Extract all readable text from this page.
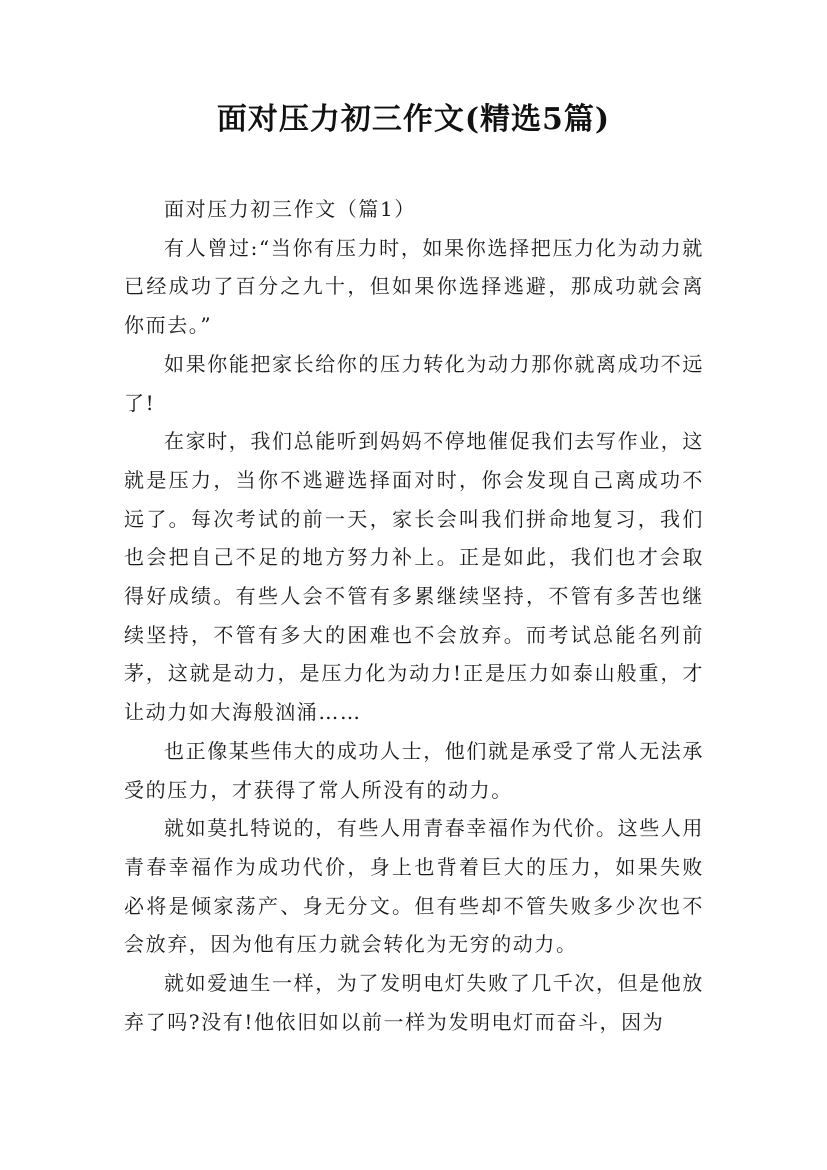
面对压力初三作文(精选5篇)

面对压力初三作文（篇1）

有人曾过:“当你有压力时，如果你选择把压力化为动力就已经成功了百分之九十，但如果你选择逃避，那成功就会离你而去。”

如果你能把家长给你的压力转化为动力那你就离成功不远了!

在家时，我们总能听到妈妈不停地催促我们去写作业，这就是压力，当你不逃避选择面对时，你会发现自己离成功不远了。每次考试的前一天，家长会叫我们拼命地复习，我们也会把自己不足的地方努力补上。正是如此，我们也才会取得好成绩。有些人会不管有多累继续坚持，不管有多苦也继续坚持，不管有多大的困难也不会放弃。而考试总能名列前茅，这就是动力，是压力化为动力!正是压力如泰山般重，才让动力如大海般汹涌……

也正像某些伟大的成功人士，他们就是承受了常人无法承受的压力，才获得了常人所没有的动力。

就如莫扎特说的，有些人用青春幸福作为代价。这些人用青春幸福作为成功代价，身上也背着巨大的压力，如果失败必将是倾家荡产、身无分文。但有些却不管失败多少次也不会放弃，因为他有压力就会转化为无穷的动力。

就如爱迪生一样，为了发明电灯失败了几千次，但是他放弃了吗?没有!他依旧如以前一样为发明电灯而奋斗，因为
